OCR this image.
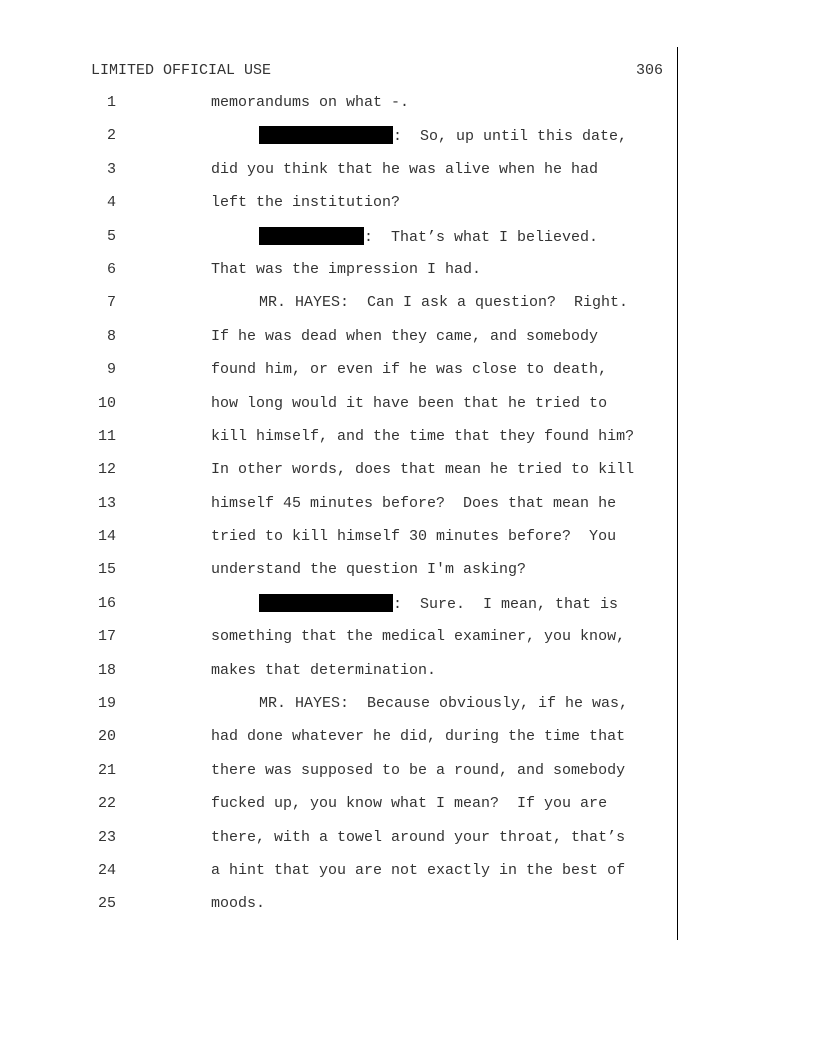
LIMITED OFFICIAL USE	306
1	memorandums on what -.
2	:  So, up until this date,
3	did you think that he was alive when he had
4	left the institution?
5	:  That’s what I believed.
6	That was the impression I had.
7	MR. HAYES:  Can I ask a question?  Right.
8	If he was dead when they came, and somebody
9	found him, or even if he was close to death,
10	how long would it have been that he tried to
11	kill himself, and the time that they found him?
12	In other words, does that mean he tried to kill
13	himself 45 minutes before?  Does that mean he
14	tried to kill himself 30 minutes before?  You
15	understand the question I'm asking?
16	:  Sure.  I mean, that is
17	something that the medical examiner, you know,
18	makes that determination.
19	MR. HAYES:  Because obviously, if he was,
20	had done whatever he did, during the time that
21	there was supposed to be a round, and somebody
22	fucked up, you know what I mean?  If you are
23	there, with a towel around your throat, that’s
24	a hint that you are not exactly in the best of
25	moods.
